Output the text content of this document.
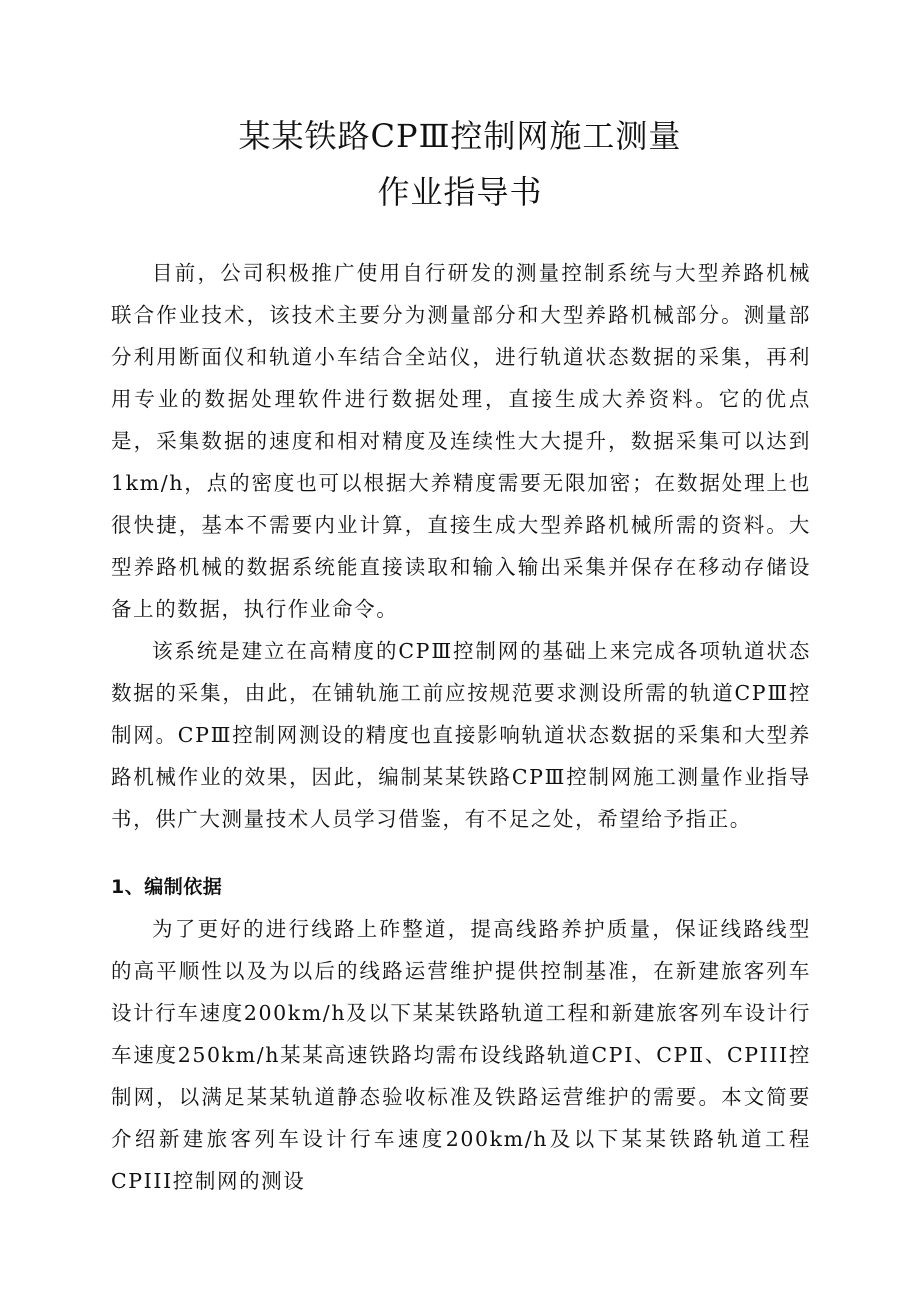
某某铁路CPⅢ控制网施工测量
作业指导书

目前，公司积极推广使用自行研发的测量控制系统与大型养路机械联合作业技术，该技术主要分为测量部分和大型养路机械部分。测量部分利用断面仪和轨道小车结合全站仪，进行轨道状态数据的采集，再利用专业的数据处理软件进行数据处理，直接生成大养资料。它的优点是，采集数据的速度和相对精度及连续性大大提升，数据采集可以达到1km/h，点的密度也可以根据大养精度需要无限加密；在数据处理上也很快捷，基本不需要内业计算，直接生成大型养路机械所需的资料。大型养路机械的数据系统能直接读取和输入输出采集并保存在移动存储设备上的数据，执行作业命令。

该系统是建立在高精度的CPⅢ控制网的基础上来完成各项轨道状态数据的采集，由此，在铺轨施工前应按规范要求测设所需的轨道CPⅢ控制网。CPⅢ控制网测设的精度也直接影响轨道状态数据的采集和大型养路机械作业的效果，因此，编制某某铁路CPⅢ控制网施工测量作业指导书，供广大测量技术人员学习借鉴，有不足之处，希望给予指正。

1、编制依据

为了更好的进行线路上砟整道，提高线路养护质量，保证线路线型的高平顺性以及为以后的线路运营维护提供控制基准，在新建旅客列车设计行车速度200km/h及以下某某铁路轨道工程和新建旅客列车设计行车速度250km/h某某高速铁路均需布设线路轨道CPⅠ、CPⅡ、CPIII控制网，以满足某某轨道静态验收标准及铁路运营维护的需要。本文简要介绍新建旅客列车设计行车速度200km/h及以下某某铁路轨道工程CPIII控制网的测设
